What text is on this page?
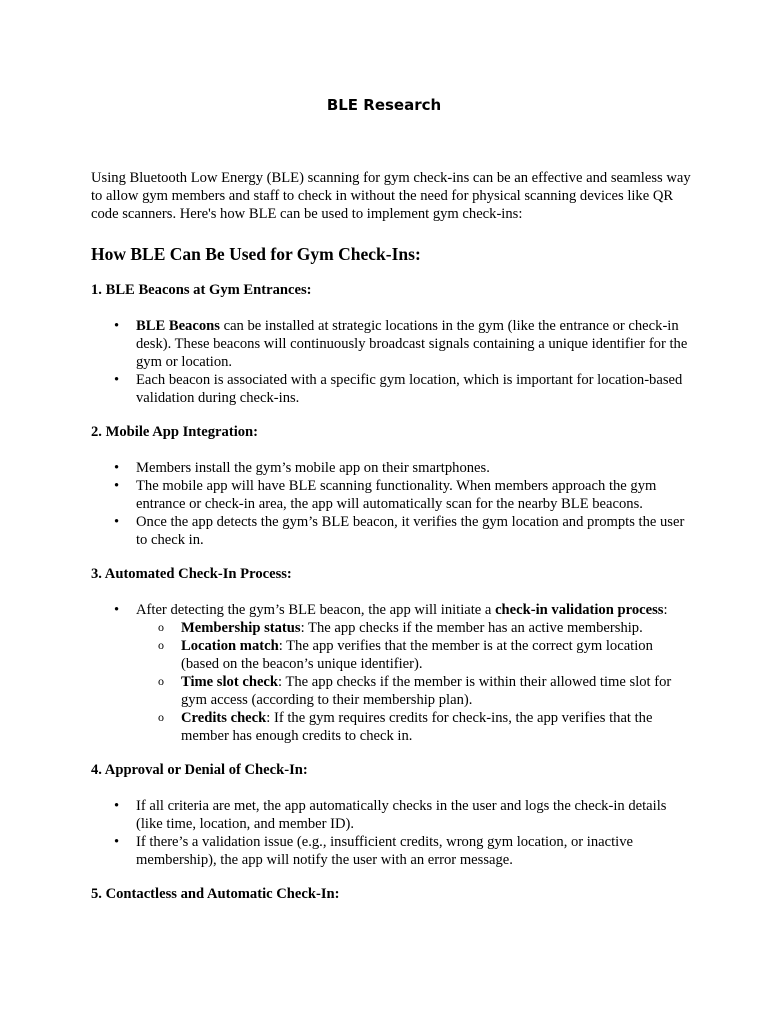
BLE Research

Using Bluetooth Low Energy (BLE) scanning for gym check-ins can be an effective and seamless way to allow gym members and staff to check in without the need for physical scanning devices like QR code scanners. Here's how BLE can be used to implement gym check-ins:

How BLE Can Be Used for Gym Check-Ins:
1. BLE Beacons at Gym Entrances:
• BLE Beacons can be installed at strategic locations in the gym (like the entrance or check-in desk). These beacons will continuously broadcast signals containing a unique identifier for the gym or location.
• Each beacon is associated with a specific gym location, which is important for location-based validation during check-ins.
2. Mobile App Integration:
• Members install the gym’s mobile app on their smartphones.
• The mobile app will have BLE scanning functionality. When members approach the gym entrance or check-in area, the app will automatically scan for the nearby BLE beacons.
• Once the app detects the gym’s BLE beacon, it verifies the gym location and prompts the user to check in.
3. Automated Check-In Process:
• After detecting the gym’s BLE beacon, the app will initiate a check-in validation process:
o Membership status: The app checks if the member has an active membership.
o Location match: The app verifies that the member is at the correct gym location (based on the beacon’s unique identifier).
o Time slot check: The app checks if the member is within their allowed time slot for gym access (according to their membership plan).
o Credits check: If the gym requires credits for check-ins, the app verifies that the member has enough credits to check in.
4. Approval or Denial of Check-In:
• If all criteria are met, the app automatically checks in the user and logs the check-in details (like time, location, and member ID).
• If there’s a validation issue (e.g., insufficient credits, wrong gym location, or inactive membership), the app will notify the user with an error message.
5. Contactless and Automatic Check-In:
